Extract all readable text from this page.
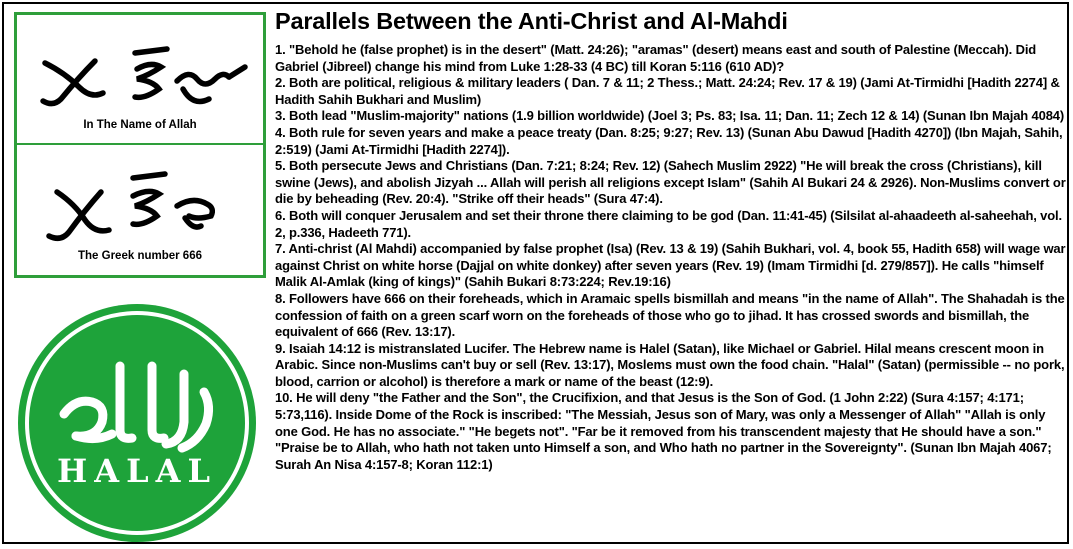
In The Name of Allah
The Greek number 666
HALAL
Parallels Between the Anti-Christ and Al-Mahdi

1. "Behold he (false prophet) is in the desert" (Matt. 24:26); "aramas" (desert) means east and south of Palestine (Meccah). Did Gabriel (Jibreel) change his mind from Luke 1:28-33 (4 BC) till Koran 5:116 (610 AD)?

2. Both are political, religious & military leaders ( Dan. 7 & 11; 2 Thess.; Matt. 24:24; Rev. 17 & 19) (Jami At-Tirmidhi [Hadith 2274] & Hadith Sahih Bukhari and Muslim)

3. Both lead "Muslim-majority" nations (1.9 billion worldwide) (Joel 3; Ps. 83; Isa. 11; Dan. 11; Zech 12 & 14) (Sunan Ibn Majah 4084)

4. Both rule for seven years and make a peace treaty (Dan. 8:25; 9:27; Rev. 13) (Sunan Abu Dawud [Hadith 4270]) (Ibn Majah, Sahih, 2:519) (Jami At-Tirmidhi [Hadith 2274]).

5. Both persecute Jews and Christians (Dan. 7:21; 8:24; Rev. 12) (Sahech Muslim 2922) "He will break the cross (Christians), kill swine (Jews), and abolish Jizyah ... Allah will perish all religions except Islam" (Sahih Al Bukari 24 & 2926). Non-Muslims convert or die by beheading (Rev. 20:4). "Strike off their heads" (Sura 47:4).

6. Both will conquer Jerusalem and set their throne there claiming to be god (Dan. 11:41-45) (Silsilat al-ahaadeeth al-saheehah, vol. 2, p.336, Hadeeth 771).

7. Anti-christ (Al Mahdi) accompanied by false prophet (Isa) (Rev. 13 & 19) (Sahih Bukhari, vol. 4, book 55, Hadith 658) will wage war against Christ on white horse (Dajjal on white donkey) after seven years (Rev. 19) (Imam Tirmidhi [d. 279/857]). He calls "himself Malik Al-Amlak (king of kings)" (Sahih Bukari 8:73:224; Rev.19:16)

8. Followers have 666 on their foreheads, which in Aramaic spells bismillah and means "in the name of Allah". The Shahadah is the confession of faith on a green scarf worn on the foreheads of those who go to jihad. It has crossed swords and bismillah, the equivalent of 666 (Rev. 13:17).

9. Isaiah 14:12 is mistranslated Lucifer. The Hebrew name is Halel (Satan), like Michael or Gabriel. Hilal means crescent moon in Arabic. Since non-Muslims can't buy or sell (Rev. 13:17), Moslems must own the food chain. "Halal" (Satan) (permissible -- no pork, blood, carrion or alcohol) is therefore a mark or name of the beast (12:9).

10. He will deny "the Father and the Son", the Crucifixion, and that Jesus is the Son of God. (1 John 2:22) (Sura 4:157; 4:171; 5:73,116). Inside Dome of the Rock is inscribed: "The Messiah, Jesus son of Mary, was only a Messenger of Allah" "Allah is only one God. He has no associate." "He begets not". "Far be it removed from his transcendent majesty that He should have a son." "Praise be to Allah, who hath not taken unto Himself a son, and Who hath no partner in the Sovereignty". (Sunan Ibn Majah 4067; Surah An Nisa 4:157-8; Koran 112:1)
